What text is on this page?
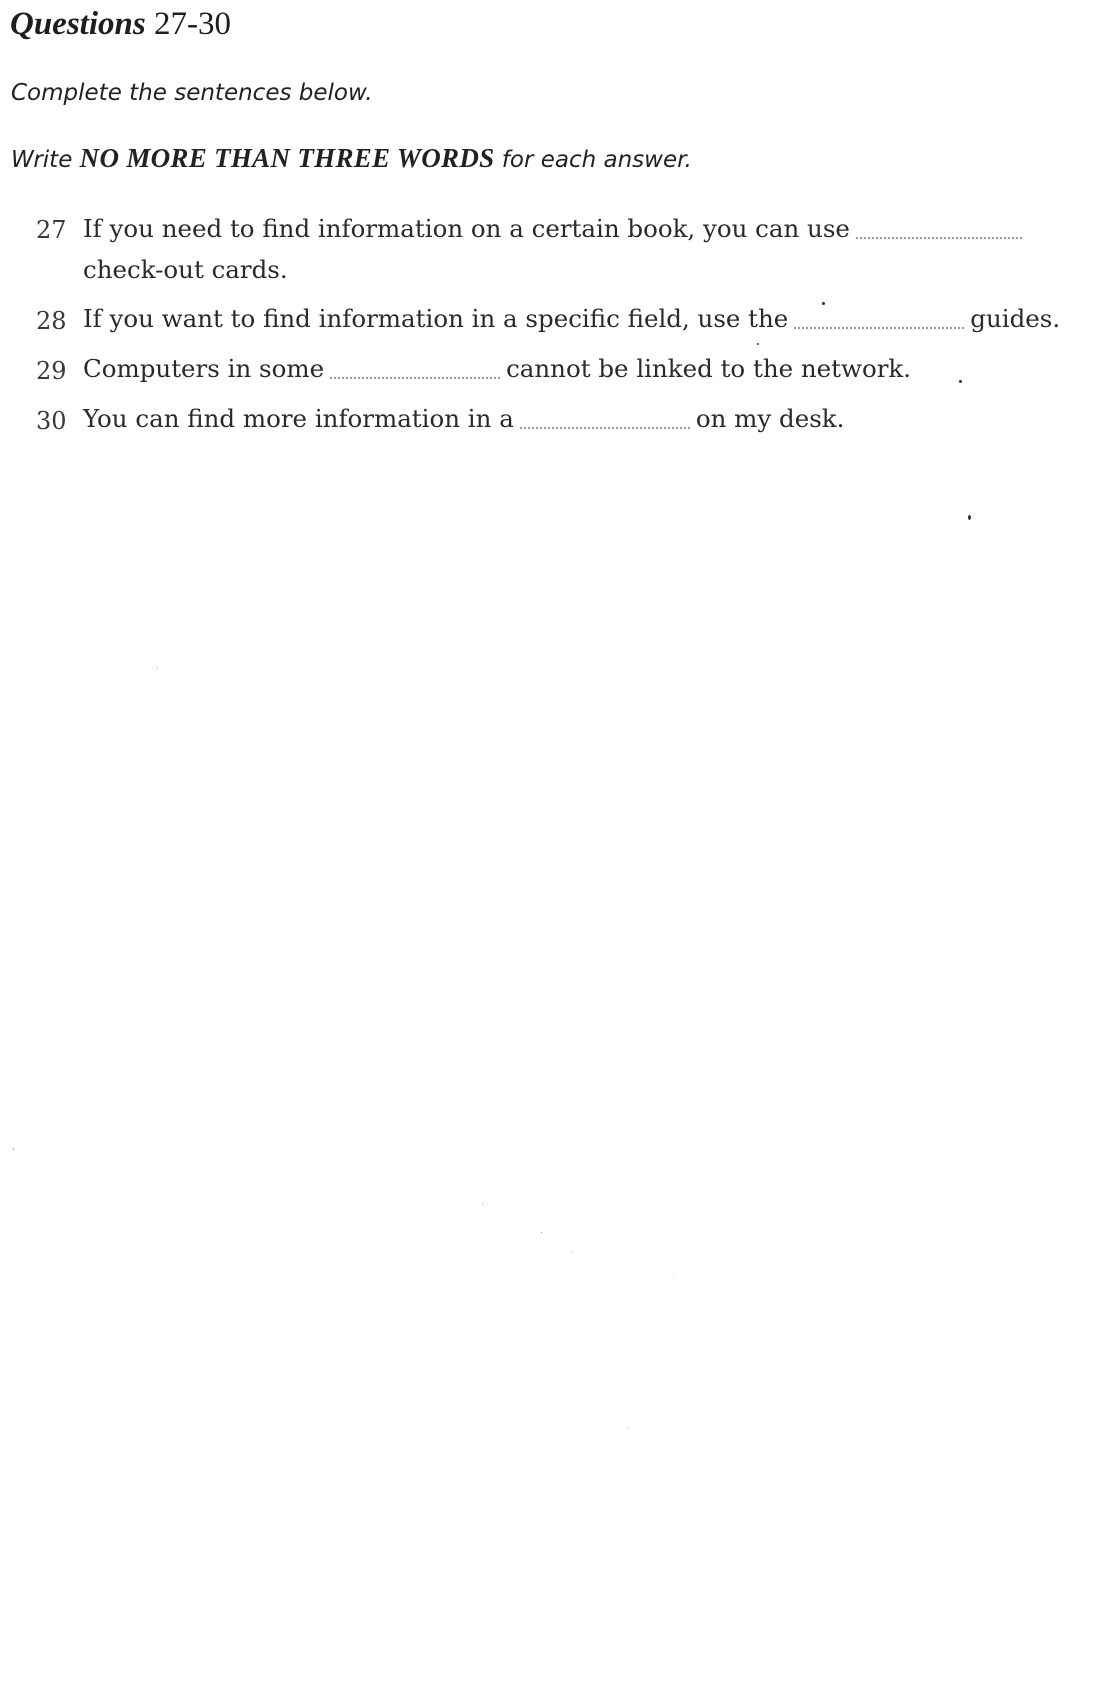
Questions 27-30
Complete the sentences below.
Write NO MORE THAN THREE WORDS for each answer.
27 If you need to find information on a certain book, you can use
check-out cards.
28 If you want to find information in a specific field, use the	guides.
29 Computers in some	cannot be linked to the network.
30 You can find more information in a	on my desk.
